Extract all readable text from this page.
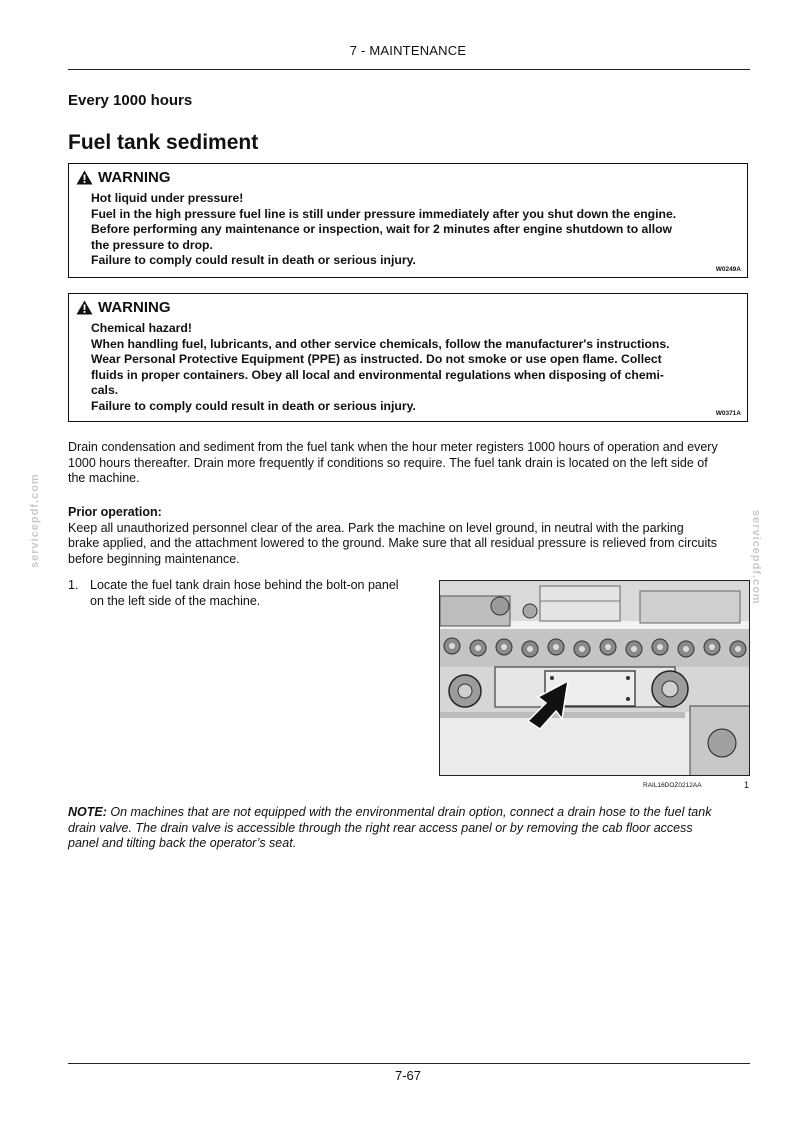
7 - MAINTENANCE
Every 1000 hours
Fuel tank sediment
WARNING
Hot liquid under pressure!
Fuel in the high pressure fuel line is still under pressure immediately after you shut down the engine.
Before performing any maintenance or inspection, wait for 2 minutes after engine shutdown to allow
the pressure to drop.
Failure to comply could result in death or serious injury.
W0249A
WARNING
Chemical hazard!
When handling fuel, lubricants, and other service chemicals, follow the manufacturer's instructions.
Wear Personal Protective Equipment (PPE) as instructed. Do not smoke or use open flame. Collect
fluids in proper containers. Obey all local and environmental regulations when disposing of chemi-
cals.
Failure to comply could result in death or serious injury.
W0371A

Drain condensation and sediment from the fuel tank when the hour meter registers 1000 hours of operation and every

1000 hours thereafter. Drain more frequently if conditions so require. The fuel tank drain is located on the left side of

the machine.

Prior operation:

Keep all unauthorized personnel clear of the area. Park the machine on level ground, in neutral with the parking

brake applied, and the attachment lowered to the ground. Make sure that all residual pressure is relieved from circuits

before beginning maintenance.

1. Locate the fuel tank drain hose behind the bolt-on panel
on the left side of the machine.
RAIL16DOZ0212AA	1
NOTE: On machines that are not equipped with the environmental drain option, connect a drain hose to the fuel tank
drain valve. The drain valve is accessible through the right rear access panel or by removing the cab floor access
panel and tilting back the operator’s seat.
servicepdf.com	servicepdf.com
7-67
